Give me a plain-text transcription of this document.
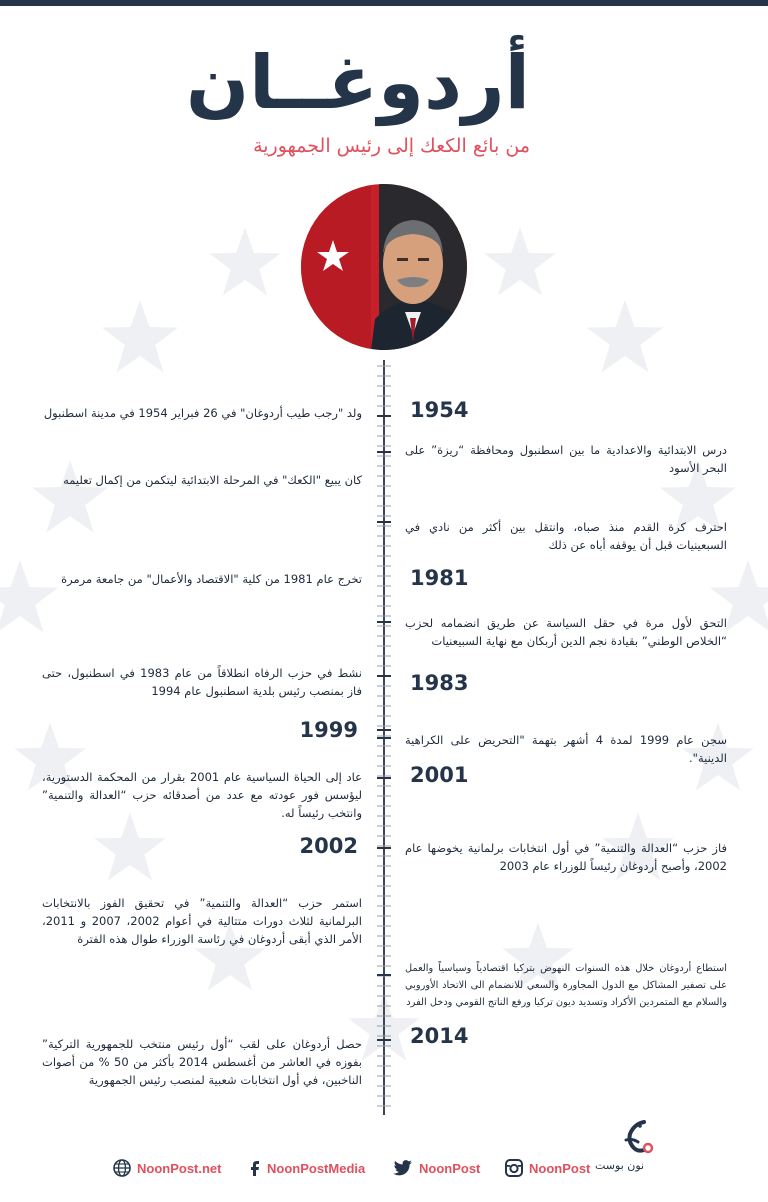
أردوغــان
من بائع الكعك إلى رئيس الجمهورية
1954
1981
1983
1999
2001
2002
2014
ولد "رجب طيب أردوغان" في 26 فبراير 1954 في مدينة اسطنبول
درس الابتدائية والاعدادية ما بين اسطنبول ومحافظة “ريزة” على البحر الأسود
كان يبيع "الكعك" في المرحلة الابتدائية ليتكمن من إكمال تعليمه
احترف كرة القدم منذ صباه، وانتقل بين أكثر من نادي في السبعينيات قبل أن يوقفه أباه عن ذلك
تخرج عام 1981 من كلية "الاقتصاد والأعمال" من جامعة مرمرة
التحق لأول مرة في حقل السياسة عن طريق انضمامه لحزب “الخلاص الوطني” بقيادة نجم الدين أربكان مع نهاية السبيعنيات
نشط في حزب الرفاه انطلاقاً من عام 1983 في اسطنبول، حتى فاز بمنصب رئيس بلدية اسطنبول عام 1994
سجن عام 1999 لمدة 4 أشهر بتهمة "التحريض على الكراهية الدينية".
عاد إلى الحياة السياسية عام 2001 بقرار من المحكمة الدستورية، ليؤسس فور عودته مع عدد من أصدقائه حزب “العدالة والتنمية” وانتخب رئيساً له.
فاز حزب “العدالة والتنمية” في أول انتخابات برلمانية يخوضها عام 2002، وأصبح أردوغان رئيساً للوزراء عام 2003
استمر حزب “العدالة والتنمية” في تحقيق الفوز بالانتخابات البرلمانية لثلاث دورات متتالية في أعوام 2002، 2007 و 2011، الأمر الذي أبقى أردوغان في رئاسة الوزراء طوال هذه الفترة
استطاع أردوغان خلال هذه السنوات النهوض بتركيا اقتصادياً وسياسياً والعمل على تصفير المشاكل مع الدول المجاورة والسعي للانضمام الى الاتحاد الأوروبي والسلام مع المتمردين الأكراد وتسديد ديون تركيا ورفع الناتج القومي ودخل الفرد
حصل أردوغان على لقب “أول رئيس منتخب للجمهورية التركية” بفوزه في العاشر من أغسطس 2014 بأكثر من 50 % من أصوات الناخبين، في أول انتخابات شعبية لمنصب رئيس الجمهورية
NoonPost.net	NoonPostMedia	NoonPost	NoonPost نون بوست
